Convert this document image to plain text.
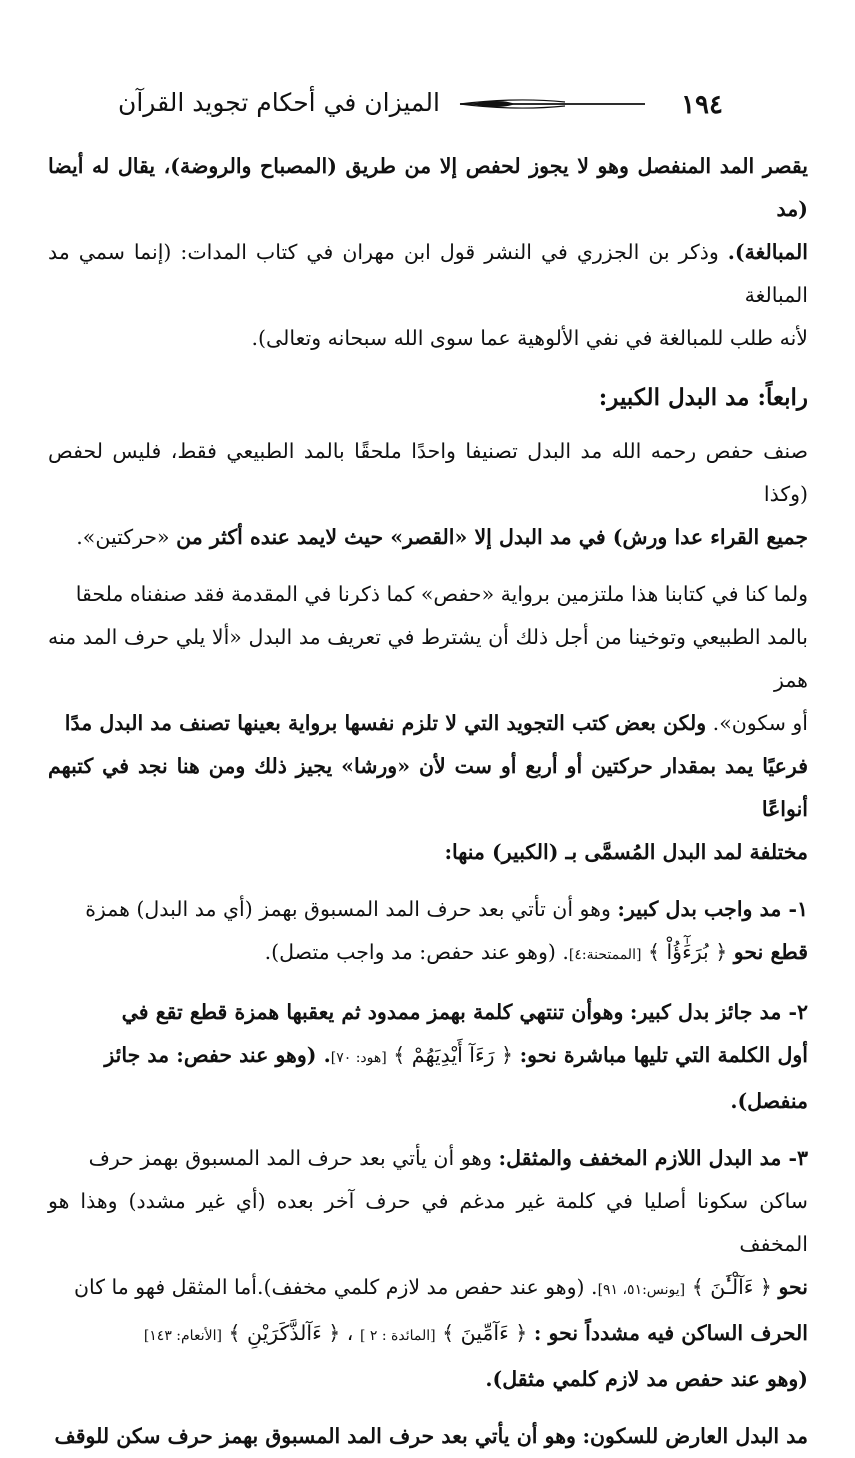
١٩٤
الميزان في أحكام تجويد القرآن

يقصر المد المنفصل وهو لا يجوز لحفص إلا من طريق (المصباح والروضة)، يقال له أيضا (مد

المبالغة). وذكر بن الجزري في النشر قول ابن مهران في كتاب المدات: (إنما سمي مد المبالغة

لأنه طلب للمبالغة في نفي الألوهية عما سوى الله سبحانه وتعالى).

رابعاً: مد البدل الكبير:

صنف حفص رحمه الله مد البدل تصنيفا واحدًا ملحقًا بالمد الطبيعي فقط، فليس لحفص (وكذا

جميع القراء عدا ورش) في مد البدل إلا «القصر» حيث لايمد عنده أكثر من «حركتين».

ولما كنا في كتابنا هذا ملتزمين برواية «حفص» كما ذكرنا في المقدمة فقد صنفناه ملحقا

بالمد الطبيعي وتوخينا من أجل ذلك أن يشترط في تعريف مد البدل «ألا يلي حرف المد منه همز

أو سكون». ولكن بعض كتب التجويد التي لا تلزم نفسها برواية بعينها تصنف مد البدل مدًا

فرعيًا يمد بمقدار حركتين أو أربع أو ست لأن «ورشا» يجيز ذلك ومن هنا نجد في كتبهم أنواعًا

مختلفة لمد البدل المُسمَّى بـ (الكبير) منها:

١- مد واجب بدل كبير: وهو أن تأتي بعد حرف المد المسبوق بهمز (أي مد البدل) همزة

قطع نحو ﴿ بُرَءَٰٓؤُاْ ﴾ [الممتحنة:٤]. (وهو عند حفص: مد واجب متصل).

٢- مد جائز بدل كبير: وهوأن تنتهي كلمة بهمز ممدود ثم يعقبها همزة قطع تقع في

أول الكلمة التي تليها مباشرة نحو: ﴿ رَءَآ أَيْدِيَهُمْ ﴾ [هود: ٧٠]. (وهو عند حفص: مد جائز

منفصل).

٣- مد البدل اللازم المخفف والمثقل: وهو أن يأتي بعد حرف المد المسبوق بهمز حرف

ساكن سكونا أصليا في كلمة غير مدغم في حرف آخر بعده (أي غير مشدد) وهذا هو المخفف

نحو ﴿ ءَآلْـَٰٔنَ ﴾ [يونس:٥١، ٩١]. (وهو عند حفص مد لازم كلمي مخفف).أما المثقل فهو ما كان

الحرف الساكن فيه مشدداً نحو : ﴿ ءَآمِّينَ ﴾ [المائدة : ٢ ] ، ﴿ ءَآلذَّكَرَيْنِ ﴾ [الأنعام: ١٤٣]

(وهو عند حفص مد لازم كلمي مثقل).

مد البدل العارض للسكون: وهو أن يأتي بعد حرف المد المسبوق بهمز حرف سكن للوقف
